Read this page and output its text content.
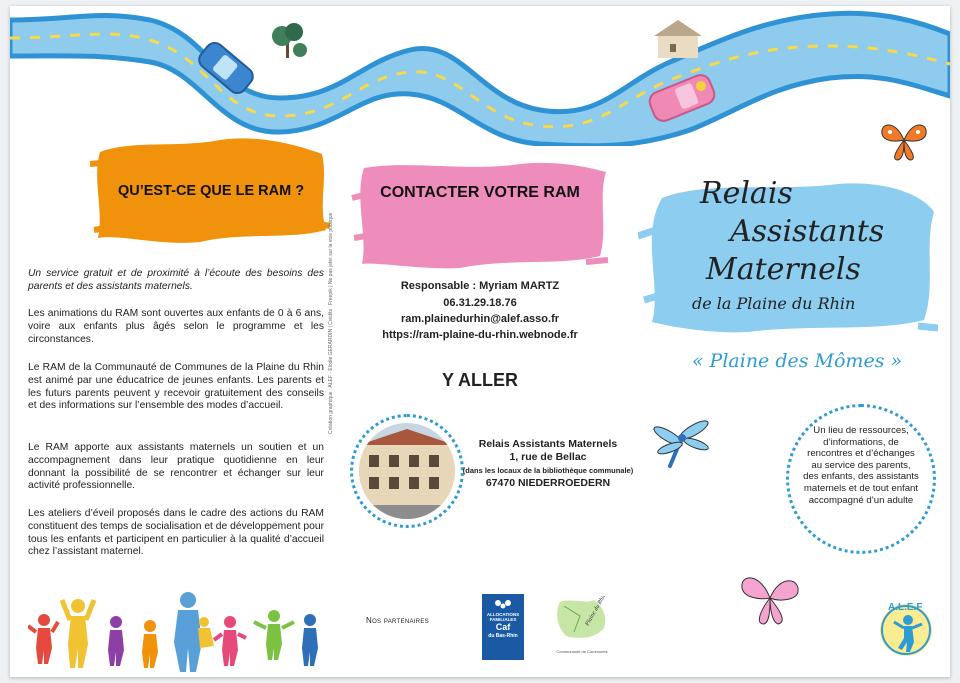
QU’EST-CE QUE LE RAM ?
Un service gratuit et de proximité à l’écoute des besoins des parents et des assistants maternels.
Les animations du RAM sont ouvertes aux enfants de 0 à 6 ans, voire aux enfants plus âgés selon le programme et les circonstances.
Le RAM de la Communauté de Communes de la Plaine du Rhin est animé par une éducatrice de jeunes enfants. Les parents et les futurs parents peuvent y recevoir gratuitement des conseils et des informations sur l’ensemble des modes d’accueil.
Le RAM apporte aux assistants maternels un soutien et un accompagnement dans leur pratique quotidienne en leur donnant la possibilité de se rencontrer et échanger sur leur activité professionnelle.
Les ateliers d’éveil proposés dans le cadre des actions du RAM constituent des temps de socialisation et de développement pour tous les enfants et participent en particulier à la qualité d’accueil chez l’assistant maternel.
Création graphique : ALEF - Elodie GERARDIN | Crédits : Freepik | Ne pas jeter sur la voie publique
CONTACTER VOTRE RAM
Responsable : Myriam MARTZ
06.31.29.18.76
ram.plainedurhin@alef.asso.fr
https://ram-plaine-du-rhin.webnode.fr
Y ALLER
Relais Assistants Maternels
1, rue de Bellac
(dans les locaux de la bibliothèque communale)
67470 NIEDERROEDERN
Nos partenaires
ALLOCATIONS FAMILIALES
Caf
du Bas-Rhin
Plaine du Rhin
Communauté de Communes
Relais
Assistants
Maternels
de la Plaine du Rhin
« Plaine des Mômes »
Un lieu de ressources, d’informations, de rencontres et d’échanges au service des parents, des enfants, des assistants maternels et de tout enfant accompagné d’un adulte
A.L.E.F
